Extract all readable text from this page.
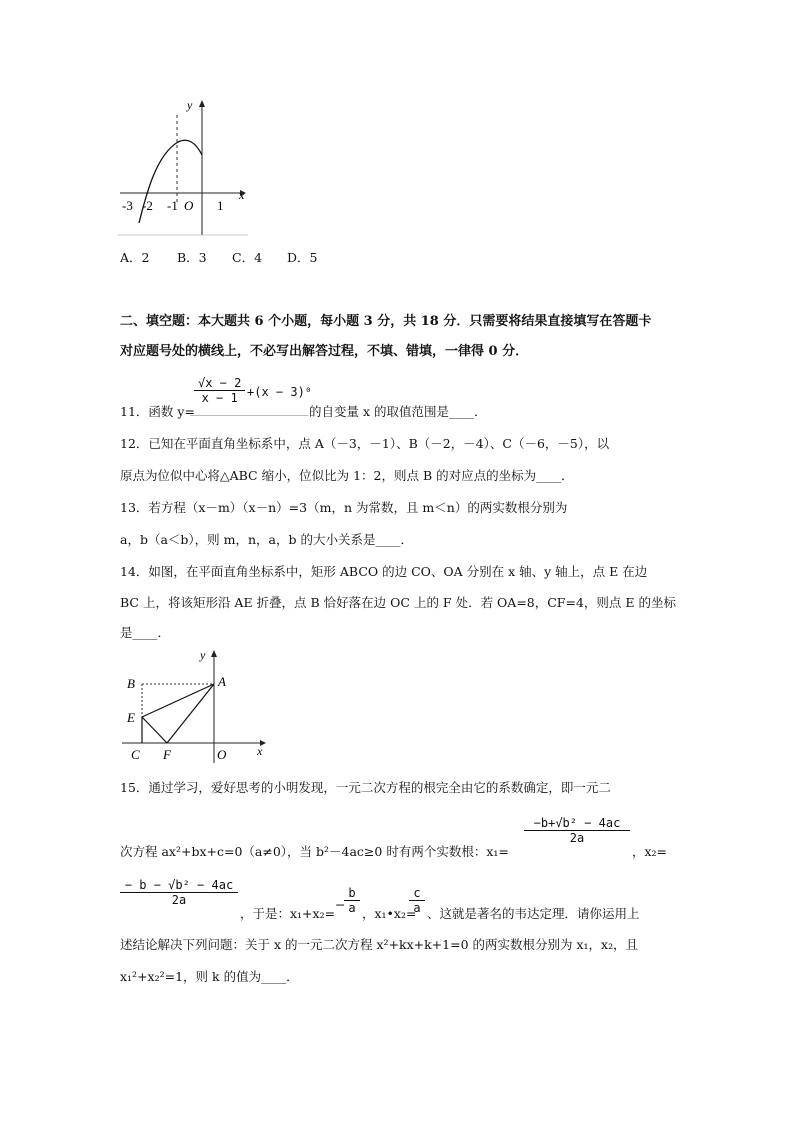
y
x
-3 -2 -1 O 1
A．2 B．3 C．4 D．5
二、填空题：本大题共 6 个小题，每小题 3 分，共 18 分．只需要将结果直接填写在答题卡
对应题号处的横线上，不必写出解答过程，不填、错填，一律得 0 分．
11．函数 y=
$\frac{√x - 2}{x - 1} +(x - 3)^0$
的自变量 x 的取值范围是____．
12．已知在平面直角坐标系中，点 A（－3，－1）、B（－2，－4）、C（－6，－5），以
原点为位似中心将△ABC 缩小，位似比为 1：2，则点 B 的对应点的坐标为____．
13．若方程（x－m）（x－n）=3（m，n 为常数，且 m＜n）的两实数根分别为
a，b（a＜b），则 m，n，a，b 的大小关系是____．
14．如图，在平面直角坐标系中，矩形 ABCO 的边 CO、OA 分别在 x 轴、y 轴上，点 E 在边
BC 上，将该矩形沿 AE 折叠，点 B 恰好落在边 OC 上的 F 处．若 OA=8，CF=4，则点 E 的坐标
是____．
y
x
B	A
E
C F	O
15．通过学习，爱好思考的小明发现，一元二次方程的根完全由它的系数确定，即一元二
次方程 ax²+bx+c=0（a≠0），当 b²－4ac≥0 时有两个实数根：x₁=
$\frac{\text{−b+√b² − 4ac}}{2a}$
，x₂=
$\frac{\text{− b − √b² − 4ac}}{2a}$
，于是：x₁+x₂=
−
$\frac{b}{a}$ ，x₁•x₂=
$\frac{c}{a}$ 、这就是著名的韦达定理．请你运用上
述结论解决下列问题：关于 x 的一元二次方程 x²+kx+k+1=0 的两实数根分别为 x₁，x₂，且
x₁²+x₂²=1，则 k 的值为____．
